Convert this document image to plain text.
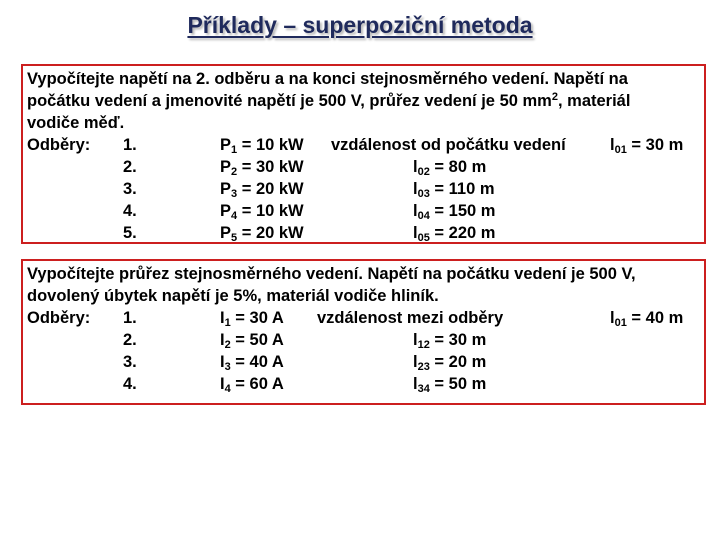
Příklady – superpoziční metoda
Vypočítejte napětí na 2. odběru a na konci stejnosměrného vedení. Napětí na
počátku vedení a jmenovité napětí je 500 V, průřez vedení je 50 $mm^2$, materiál
vodiče měď.
Odběry: 1.	$P_1 = 10$ kW vzdálenost od počátku vedení	$l_{01} = 30$ m
2.	$P_2 = 30$ kW	$l_{02} = 80$ m
3.	$P_3 = 20$ kW	$l_{03} = 110$ m
4.	$P_4 = 10$ kW	$l_{04} = 150$ m
5.	$P_5 = 20$ kW	$l_{05} = 220$ m
Vypočítejte průřez stejnosměrného vedení. Napětí na počátku vedení je 500 V,
dovolený úbytek napětí je 5%, materiál vodiče hliník.
Odběry: 1.	$I_1 = 30$ A vzdálenost mezi odběry	$l_{01} = 40$ m
2.	$I_2 = 50$ A	$l_{12} = 30$ m
3.	$I_3 = 40$ A	$l_{23} = 20$ m
4.	$I_4 = 60$ A	$l_{34} = 50$ m
